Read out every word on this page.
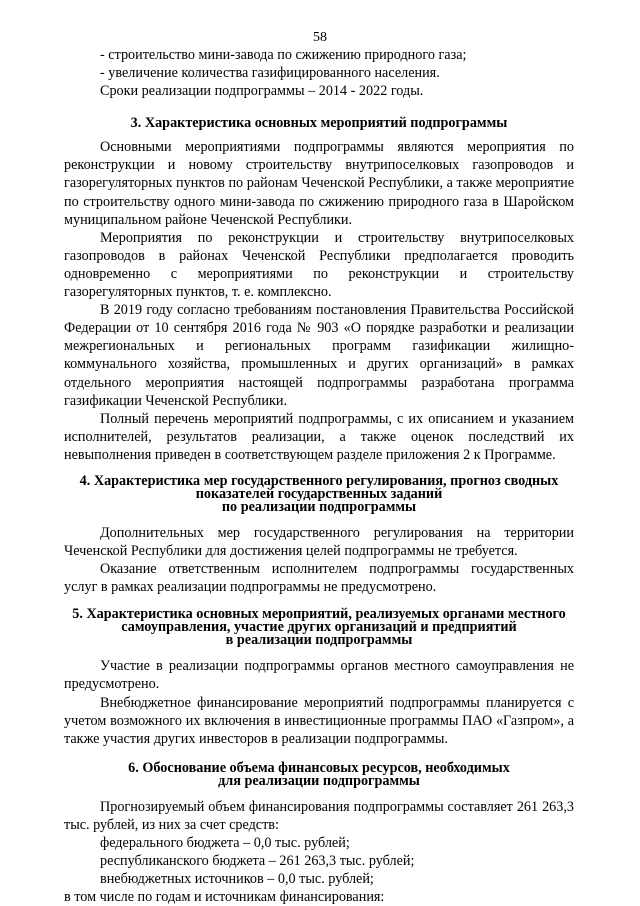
58

- строительство мини-завода по сжижению природного газа;

- увеличение количества газифицированного населения.

Сроки реализации подпрограммы – 2014 - 2022 годы.

3. Характеристика основных мероприятий подпрограммы

Основными мероприятиями подпрограммы являются мероприятия по реконструкции и новому строительству внутрипоселковых газопроводов и газорегуляторных пунктов по районам Чеченской Республики, а также мероприятие по строительству одного мини-завода по сжижению природного газа в Шаройском муниципальном районе Чеченской Республики.

Мероприятия по реконструкции и строительству внутрипоселковых газопроводов в районах Чеченской Республики предполагается проводить одновременно с мероприятиями по реконструкции и строительству газорегуляторных пунктов, т. е. комплексно.

В 2019 году согласно требованиям постановления Правительства Российской Федерации от 10 сентября 2016 года № 903 «О порядке разработки и реализации межрегиональных и региональных программ газификации жилищно-коммунального хозяйства, промышленных и других организаций» в рамках отдельного мероприятия настоящей подпрограммы разработана программа газификации Чеченской Республики.

Полный перечень мероприятий подпрограммы, с их описанием и указанием исполнителей, результатов реализации, а также оценок последствий их невыполнения приведен в соответствующем разделе приложения 2 к Программе.

4. Характеристика мер государственного регулирования, прогноз сводных
показателей государственных заданий
по реализации подпрограммы

Дополнительных мер государственного регулирования на территории Чеченской Республики для достижения целей подпрограммы не требуется.

Оказание ответственным исполнителем подпрограммы государственных услуг в рамках реализации подпрограммы не предусмотрено.

5. Характеристика основных мероприятий, реализуемых органами местного
самоуправления, участие других организаций и предприятий
в реализации подпрограммы

Участие в реализации подпрограммы органов местного самоуправления не предусмотрено.

Внебюджетное финансирование мероприятий подпрограммы планируется с учетом возможного их включения в инвестиционные программы ПАО «Газпром», а также участия других инвесторов в реализации подпрограммы.

6. Обоснование объема финансовых ресурсов, необходимых
для реализации подпрограммы

Прогнозируемый объем финансирования подпрограммы составляет 261 263,3 тыс. рублей, из них за счет средств:

федерального бюджета – 0,0 тыс. рублей;

республиканского бюджета – 261 263,3 тыс. рублей;

внебюджетных источников – 0,0 тыс. рублей;

в том числе по годам и источникам финансирования:
